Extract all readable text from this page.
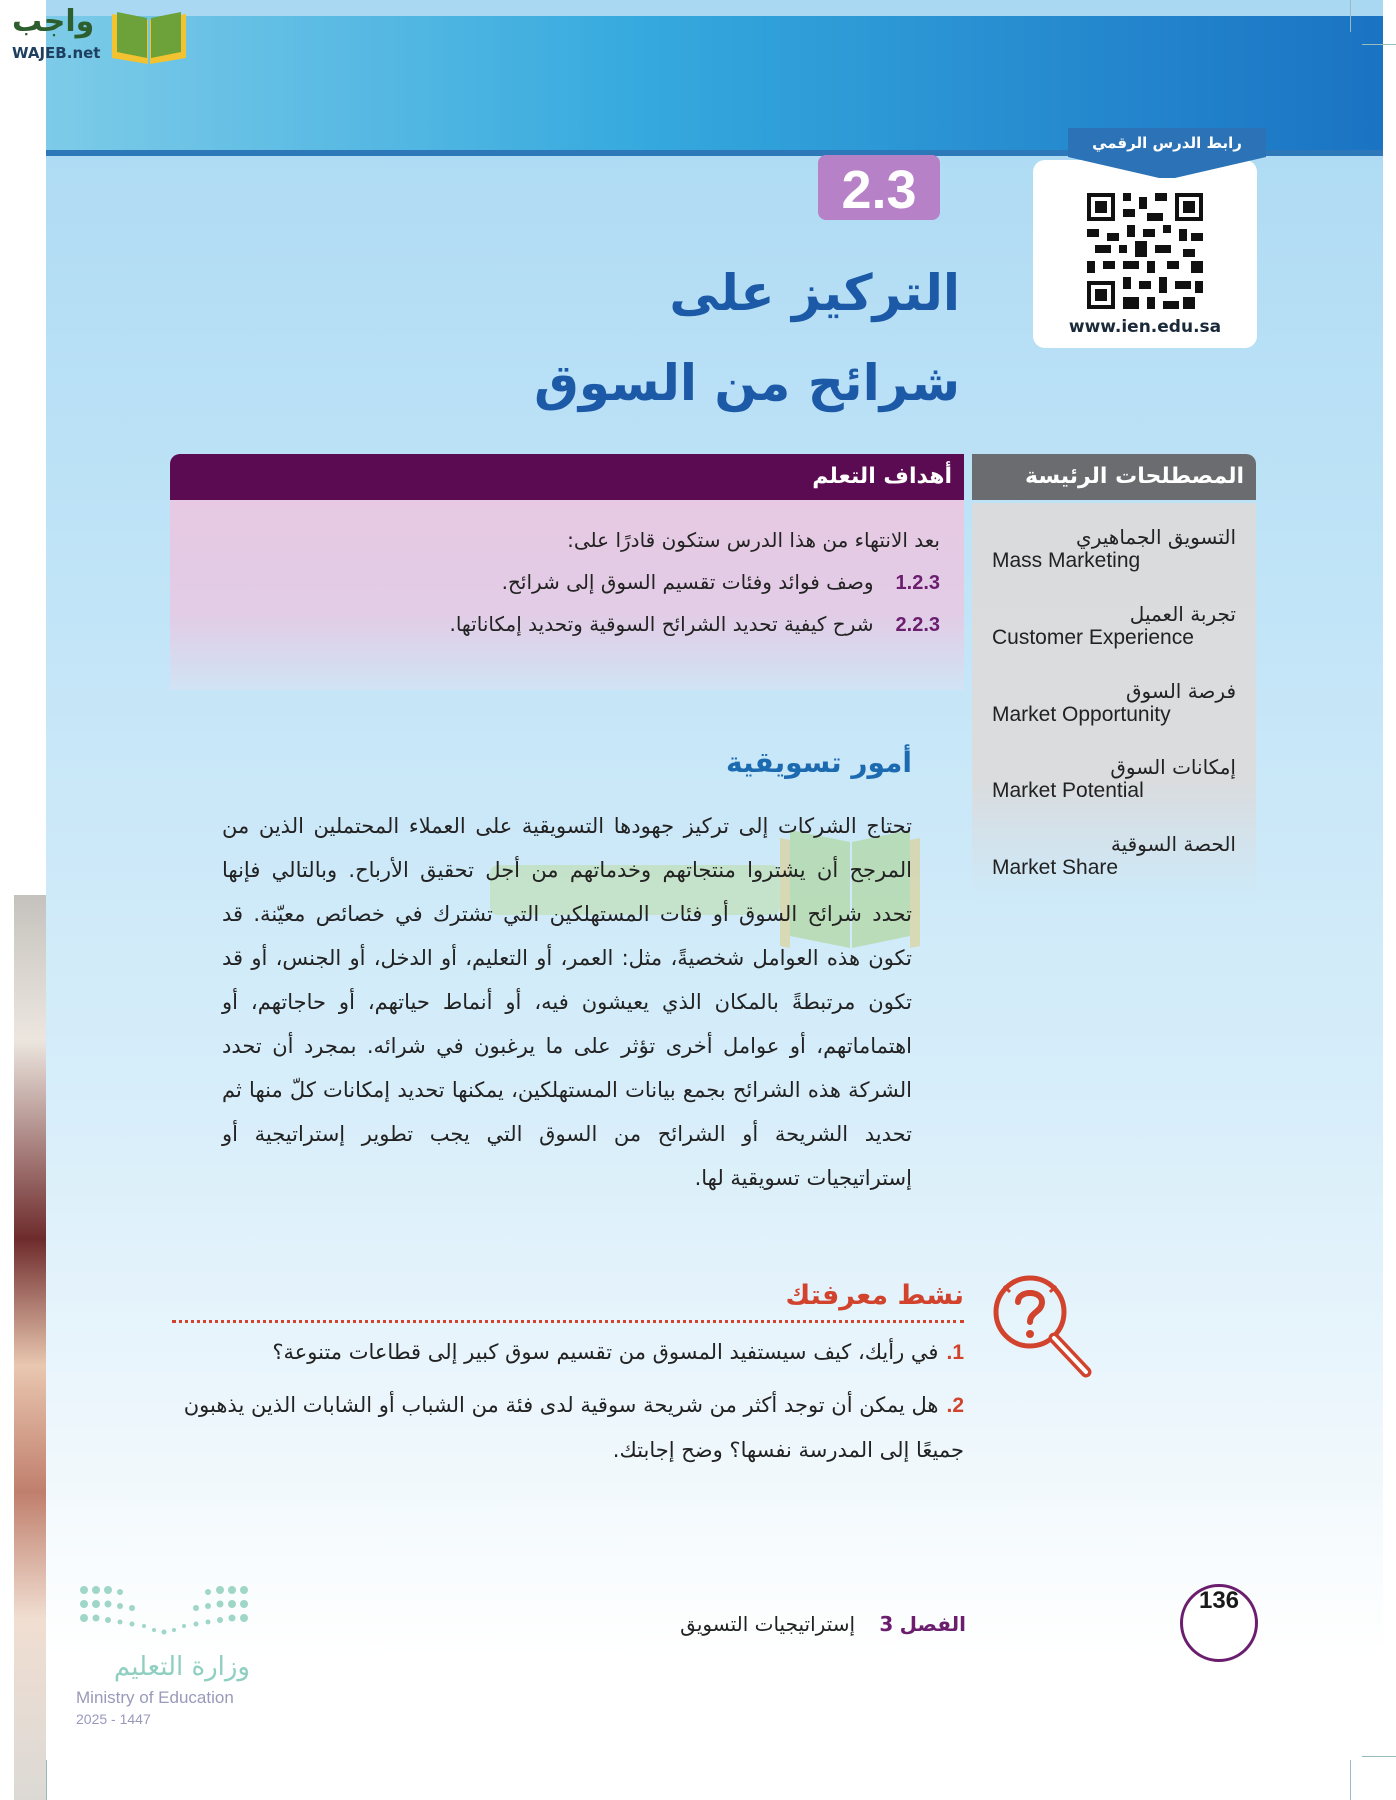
واجب
WAJEB.net
رابط الدرس الرقمي
www.ien.edu.sa
2.3
التركيز على
شرائح من السوق
أهداف التعلم
بعد الانتهاء من هذا الدرس ستكون قادرًا على:
1.2.3وصف فوائد وفئات تقسيم السوق إلى شرائح.
2.2.3شرح كيفية تحديد الشرائح السوقية وتحديد إمكاناتها.
المصطلحات الرئيسة
التسويق الجماهيري
Mass Marketing
تجربة العميل
Customer Experience
فرصة السوق
Market Opportunity
إمكانات السوق
Market Potential
الحصة السوقية
Market Share
أمور تسويقية
تحتاج الشركات إلى تركيز جهودها التسويقية على العملاء المحتملين الذين من المرجح أن يشتروا منتجاتهم وخدماتهم من أجل تحقيق الأرباح. وبالتالي فإنها تحدد شرائح السوق أو فئات المستهلكين التي تشترك في خصائص معيّنة. قد تكون هذه العوامل شخصيةً، مثل: العمر، أو التعليم، أو الدخل، أو الجنس، أو قد تكون مرتبطةً بالمكان الذي يعيشون فيه، أو أنماط حياتهم، أو حاجاتهم، أو اهتماماتهم، أو عوامل أخرى تؤثر على ما يرغبون في شرائه. بمجرد أن تحدد الشركة هذه الشرائح بجمع بيانات المستهلكين، يمكنها تحديد إمكانات كلّ منها ثم تحديد الشريحة أو الشرائح من السوق التي يجب تطوير إستراتيجية أو إستراتيجيات تسويقية لها.
نشط معرفتك
1.في رأيك، كيف سيستفيد المسوق من تقسيم سوق كبير إلى قطاعات متنوعة؟
2.هل يمكن أن توجد أكثر من شريحة سوقية لدى فئة من الشباب أو الشابات الذين يذهبون جميعًا إلى المدرسة نفسها؟ وضح إجابتك.
136
الفصل 3 إستراتيجيات التسويق
وزارة التعليم
Ministry of Education
2025 - 1447
